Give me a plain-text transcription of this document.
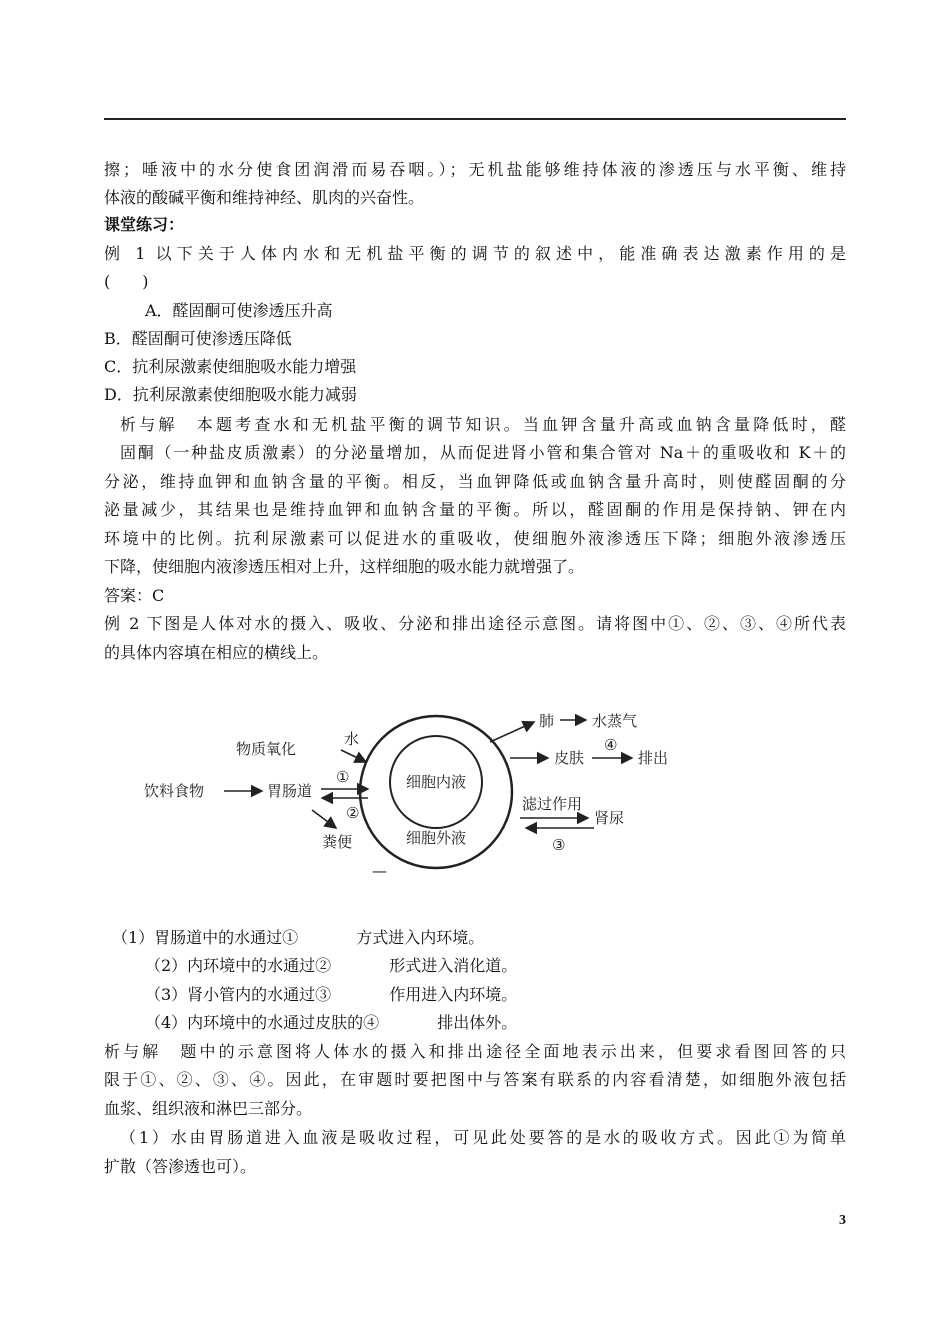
擦；唾液中的水分使食团润滑而易吞咽。）；无机盐能够维持体液的渗透压与水平衡、维持
体液的酸碱平衡和维持神经、肌肉的兴奋性。
课堂练习：
例 1 以下关于人体内水和无机盐平衡的调节的叙述中，能准确表达激素作用的是
(　　)
A．醛固酮可使渗透压升高
B．醛固酮可使渗透压降低
C．抗利尿激素使细胞吸水能力增强
D．抗利尿激素使细胞吸水能力减弱
析与解　本题考查水和无机盐平衡的调节知识。当血钾含量升高或血钠含量降低时，醛
固酮（一种盐皮质激素）的分泌量增加，从而促进肾小管和集合管对 Na＋的重吸收和 K＋的
分泌，维持血钾和血钠含量的平衡。相反，当血钾降低或血钠含量升高时，则使醛固酮的分
泌量减少，其结果也是维持血钾和血钠含量的平衡。所以，醛固酮的作用是保持钠、钾在内
环境中的比例。抗利尿激素可以促进水的重吸收，使细胞外液渗透压下降；细胞外液渗透压
下降，使细胞内液渗透压相对上升，这样细胞的吸水能力就增强了。
答案：C
例 2 下图是人体对水的摄入、吸收、分泌和排出途径示意图。请将图中①、②、③、④所代表
的具体内容填在相应的横线上。
饮料食物	胃肠道
物质氧化
水
①
②
粪便
细胞内液
细胞外液
肺	水蒸气
皮肤
④
排出
滤过作用
肾尿
③
—
（1）胃肠道中的水通过①	方式进入内环境。
（2）内环境中的水通过②	形式进入消化道。
（3）肾小管内的水通过③	作用进入内环境。
（4）内环境中的水通过皮肤的④	排出体外。
析与解　题中的示意图将人体水的摄入和排出途径全面地表示出来，但要求看图回答的只
限于①、②、③、④。因此，在审题时要把图中与答案有联系的内容看清楚，如细胞外液包括
血浆、组织液和淋巴三部分。
（1）水由胃肠道进入血液是吸收过程，可见此处要答的是水的吸收方式。因此①为简单
扩散（答渗透也可）。
3
